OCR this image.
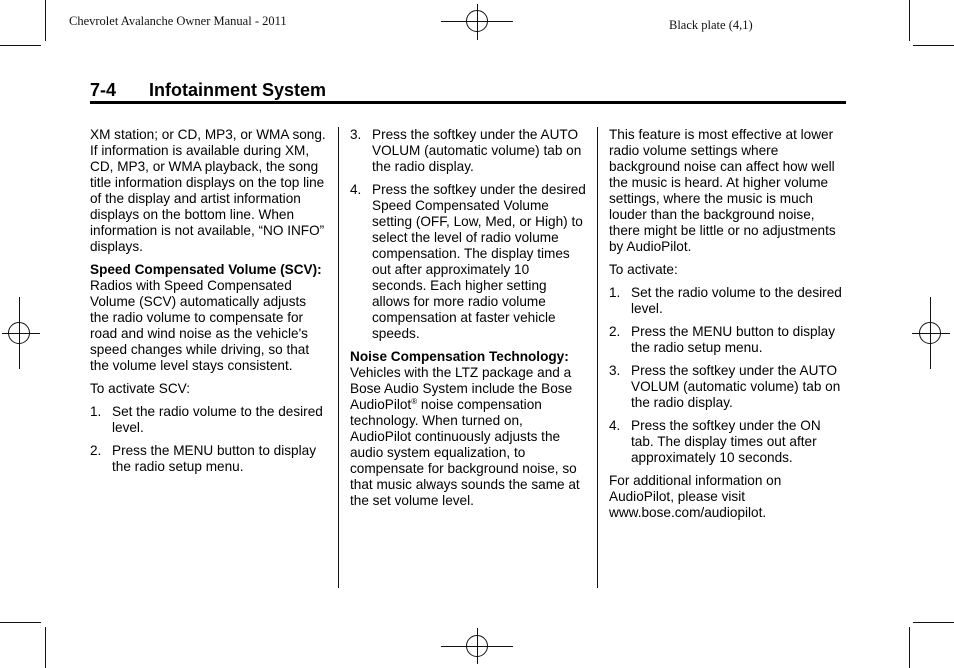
Chevrolet Avalanche Owner Manual - 2011	Black plate (4,1)
7-4 Infotainment System

XM station; or CD, MP3, or WMA song. If information is available during XM, CD, MP3, or WMA playback, the song title information displays on the top line of the display and artist information displays on the bottom line. When information is not available, “NO INFO” displays.

Speed Compensated Volume (SCV):  Radios with Speed Compensated Volume (SCV) automatically adjusts the radio volume to compensate for road and wind noise as the vehicle's speed changes while driving, so that the volume level stays consistent.

To activate SCV:

1. Set the radio volume to the desired level.
2. Press the MENU button to display the radio setup menu.
3. Press the softkey under the AUTO VOLUM (automatic volume) tab on the radio display.
4. Press the softkey under the desired Speed Compensated Volume setting (OFF, Low, Med, or High) to select the level of radio volume compensation. The display times out after approximately 10 seconds. Each higher setting allows for more radio volume compensation at faster vehicle speeds.

Noise Compensation Technology:  Vehicles with the LTZ package and a Bose Audio System include the Bose AudioPilot® noise compensation technology. When turned on, AudioPilot continuously adjusts the audio system equalization, to compensate for background noise, so that music always sounds the same at the set volume level.

This feature is most effective at lower radio volume settings where background noise can affect how well the music is heard. At higher volume settings, where the music is much louder than the background noise, there might be little or no adjustments by AudioPilot.

To activate:

1. Set the radio volume to the desired level.
2. Press the MENU button to display the radio setup menu.
3. Press the softkey under the AUTO VOLUM (automatic volume) tab on the radio display.
4. Press the softkey under the ON tab. The display times out after approximately 10 seconds.

For additional information on AudioPilot, please visit www.bose.com/audiopilot.
